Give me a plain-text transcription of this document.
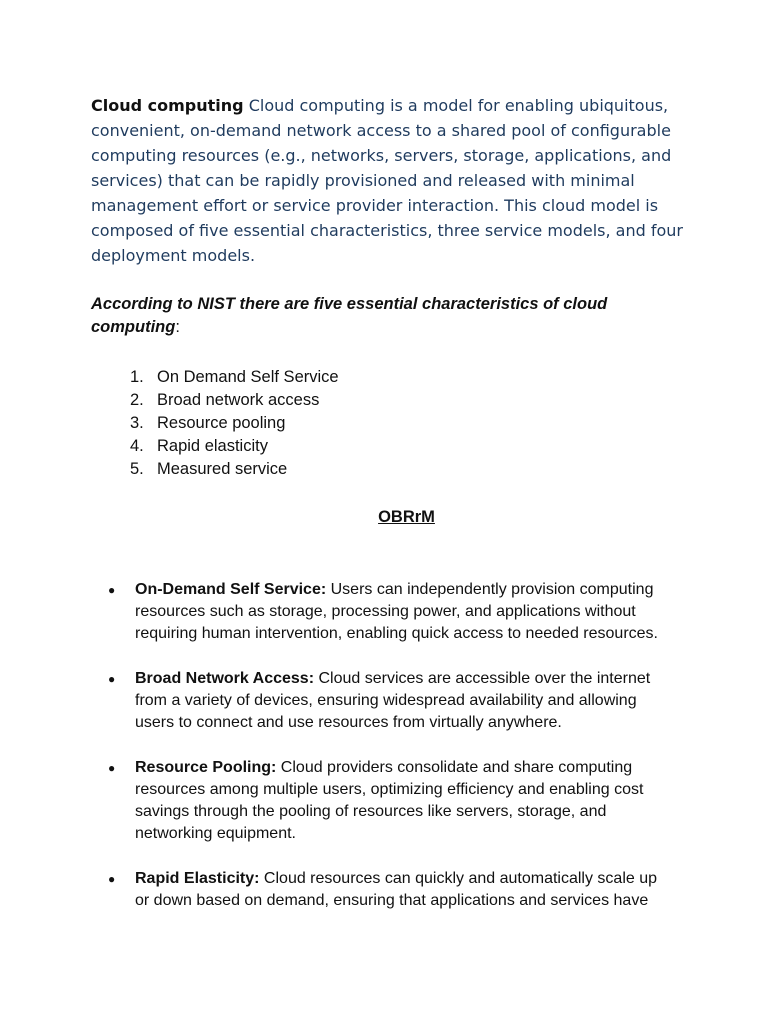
Cloud computing Cloud computing is a model for enabling ubiquitous, convenient, on-demand network access to a shared pool of configurable computing resources (e.g., networks, servers, storage, applications, and services) that can be rapidly provisioned and released with minimal management effort or service provider interaction. This cloud model is composed of five essential characteristics, three service models, and four deployment models.

According to NIST there are five essential characteristics of cloud computing:

1. On Demand Self Service
2. Broad network access
3. Resource pooling
4. Rapid elasticity
5. Measured service

OBRrM

●	On-Demand Self Service: Users can independently provision computing resources such as storage, processing power, and applications without requiring human intervention, enabling quick access to needed resources.
●	Broad Network Access: Cloud services are accessible over the internet from a variety of devices, ensuring widespread availability and allowing users to connect and use resources from virtually anywhere.
●	Resource Pooling: Cloud providers consolidate and share computing resources among multiple users, optimizing efficiency and enabling cost savings through the pooling of resources like servers, storage, and networking equipment.
●	Rapid Elasticity: Cloud resources can quickly and automatically scale up or down based on demand, ensuring that applications and services have
